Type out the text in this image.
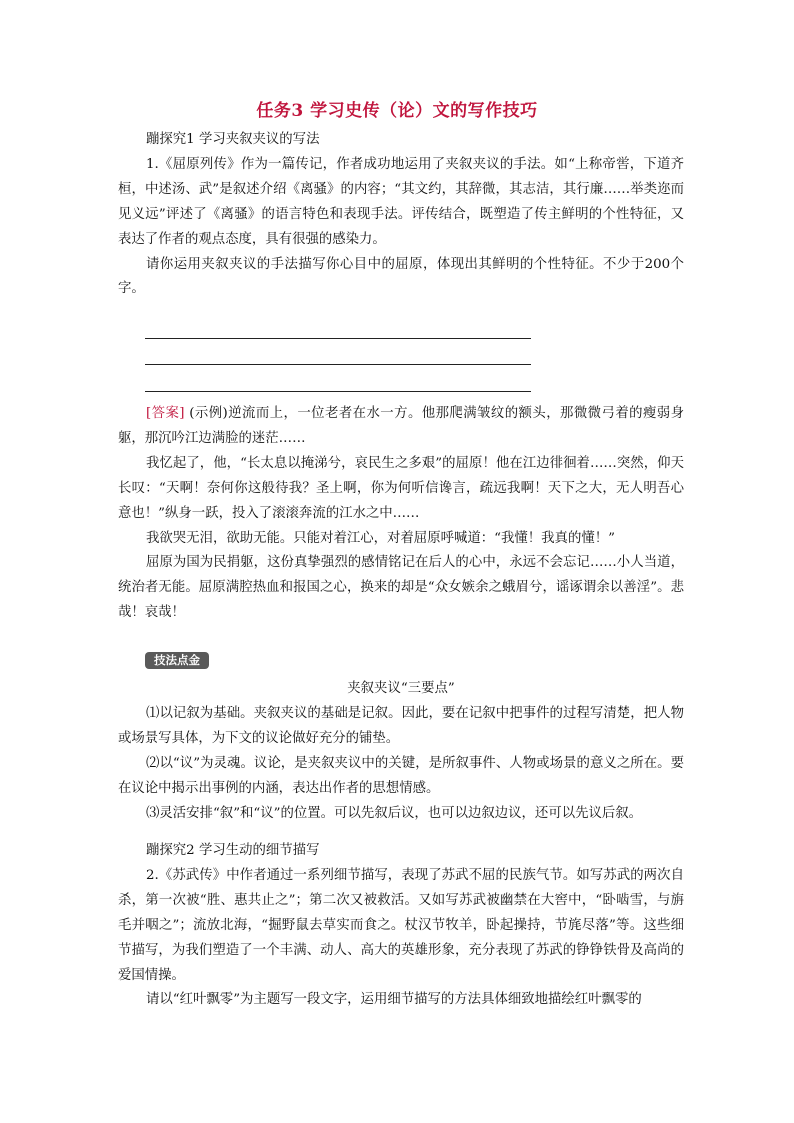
任务3 学习史传（论）文的写作技巧

蹦探究1 学习夹叙夹议的写法

1.《屈原列传》作为一篇传记，作者成功地运用了夹叙夹议的手法。如“上称帝喾，下道齐桓，中述汤、武”是叙述介绍《离骚》的内容；“其文约，其辞微，其志洁，其行廉……举类迩而见义远”评述了《离骚》的语言特色和表现手法。评传结合，既塑造了传主鲜明的个性特征，又表达了作者的观点态度，具有很强的感染力。

请你运用夹叙夹议的手法描写你心目中的屈原，体现出其鲜明的个性特征。不少于200个字。

[答案] (示例)逆流而上，一位老者在水一方。他那爬满皱纹的额头，那微微弓着的瘦弱身躯，那沉吟江边满脸的迷茫……

我忆起了，他，“长太息以掩涕兮，哀民生之多艰”的屈原！他在江边徘徊着……突然，仰天长叹：“天啊！奈何你这般待我？圣上啊，你为何听信谗言，疏远我啊！天下之大，无人明吾心意也！”纵身一跃，投入了滚滚奔流的江水之中……

我欲哭无泪，欲助无能。只能对着江心，对着屈原呼喊道：“我懂！我真的懂！”

屈原为国为民捐躯，这份真挚强烈的感情铭记在后人的心中，永远不会忘记……小人当道，统治者无能。屈原满腔热血和报国之心，换来的却是“众女嫉余之蛾眉兮，谣诼谓余以善淫”。悲哉！哀哉！

技法点金

夹叙夹议“三要点”

⑴以记叙为基础。夹叙夹议的基础是记叙。因此，要在记叙中把事件的过程写清楚，把人物或场景写具体，为下文的议论做好充分的铺垫。

⑵以“议”为灵魂。议论，是夹叙夹议中的关键，是所叙事件、人物或场景的意义之所在。要在议论中揭示出事例的内涵，表达出作者的思想情感。

⑶灵活安排“叙”和“议”的位置。可以先叙后议，也可以边叙边议，还可以先议后叙。

蹦探究2 学习生动的细节描写

2.《苏武传》中作者通过一系列细节描写，表现了苏武不屈的民族气节。如写苏武的两次自杀，第一次被“胜、惠共止之”；第二次又被救活。又如写苏武被幽禁在大窖中，“卧啮雪，与旃毛并咽之”；流放北海，“掘野鼠去草实而食之。杖汉节牧羊，卧起操持，节旄尽落”等。这些细节描写，为我们塑造了一个丰满、动人、高大的英雄形象，充分表现了苏武的铮铮铁骨及高尚的爱国情操。

请以“红叶飘零”为主题写一段文字，运用细节描写的方法具体细致地描绘红叶飘零的
